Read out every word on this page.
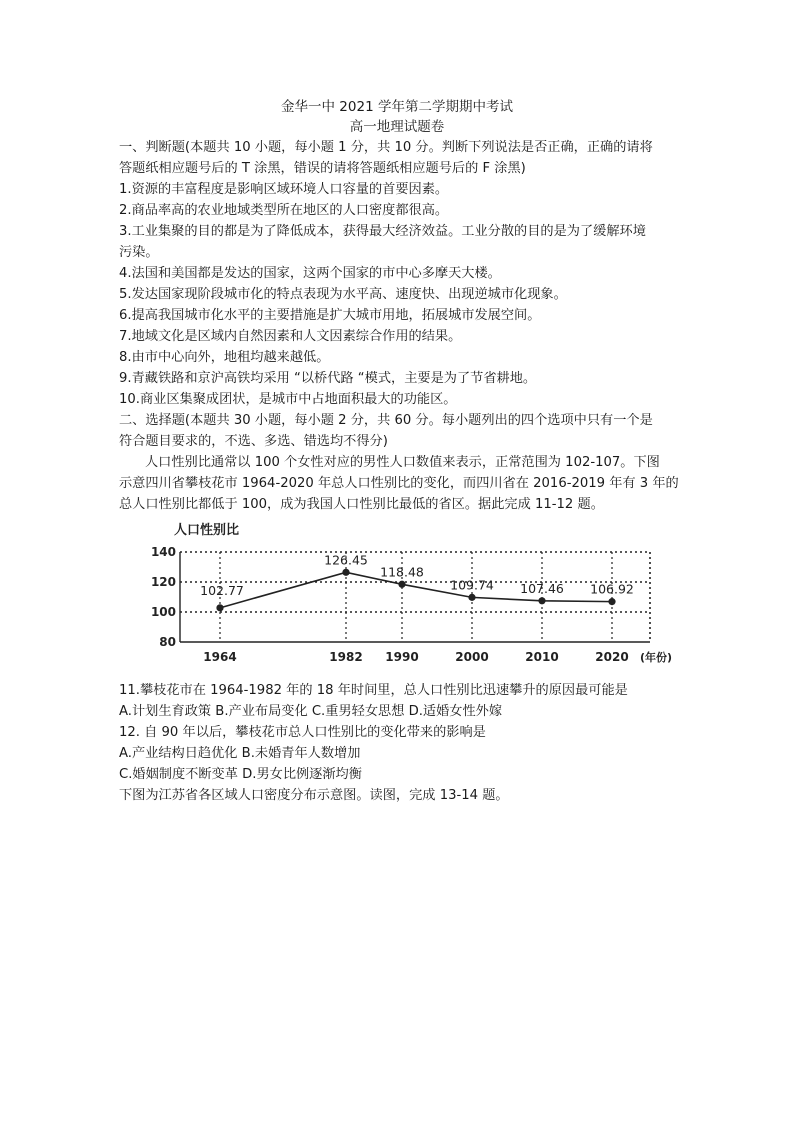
金华一中 2021 学年第二学期期中考试
高一地理试题卷
一、判断题(本题共 10 小题，每小题 1 分，共 10 分。判断下列说法是否正确，正确的请将
答题纸相应题号后的 T 涂黑，错误的请将答题纸相应题号后的 F 涂黑)
1.资源的丰富程度是影响区域环境人口容量的首要因素。
2.商品率高的农业地域类型所在地区的人口密度都很高。
3.工业集聚的目的都是为了降低成本，获得最大经济效益。工业分散的目的是为了缓解环境
污染。
4.法国和美国都是发达的国家，这两个国家的市中心多摩天大楼。
5.发达国家现阶段城市化的特点表现为水平高、速度快、出现逆城市化现象。
6.提高我国城市化水平的主要措施是扩大城市用地，拓展城市发展空间。
7.地域文化是区域内自然因素和人文因素综合作用的结果。
8.由市中心向外，地租均越来越低。
9.青藏铁路和京沪高铁均采用 “以桥代路 “模式，主要是为了节省耕地。
10.商业区集聚成团状，是城市中占地面积最大的功能区。
二、选择题(本题共 30 小题，每小题 2 分，共 60 分。每小题列出的四个选项中只有一个是
符合题目要求的，不选、多选、错选均不得分)
人口性别比通常以 100 个女性对应的男性人口数值来表示，正常范围为 102-107。下图
示意四川省攀枝花市 1964-2020 年总人口性别比的变化，而四川省在 2016-2019 年有 3 年的
总人口性别比都低于 100，成为我国人口性别比最低的省区。据此完成 11-12 题。
人口性别比
80
100
120
140
1964	1982 1990	2000	2010	2020 (年份)
102.77
126.45
118.48
109.74 107.46 106.92
11.攀枝花市在 1964-1982 年的 18 年时间里，总人口性别比迅速攀升的原因最可能是
A.计划生育政策 B.产业布局变化 C.重男轻女思想 D.适婚女性外嫁
12. 自 90 年以后，攀枝花市总人口性别比的变化带来的影响是
A.产业结构日趋优化 B.未婚青年人数增加
C.婚姻制度不断变革 D.男女比例逐渐均衡
下图为江苏省各区域人口密度分布示意图。读图，完成 13-14 题。
